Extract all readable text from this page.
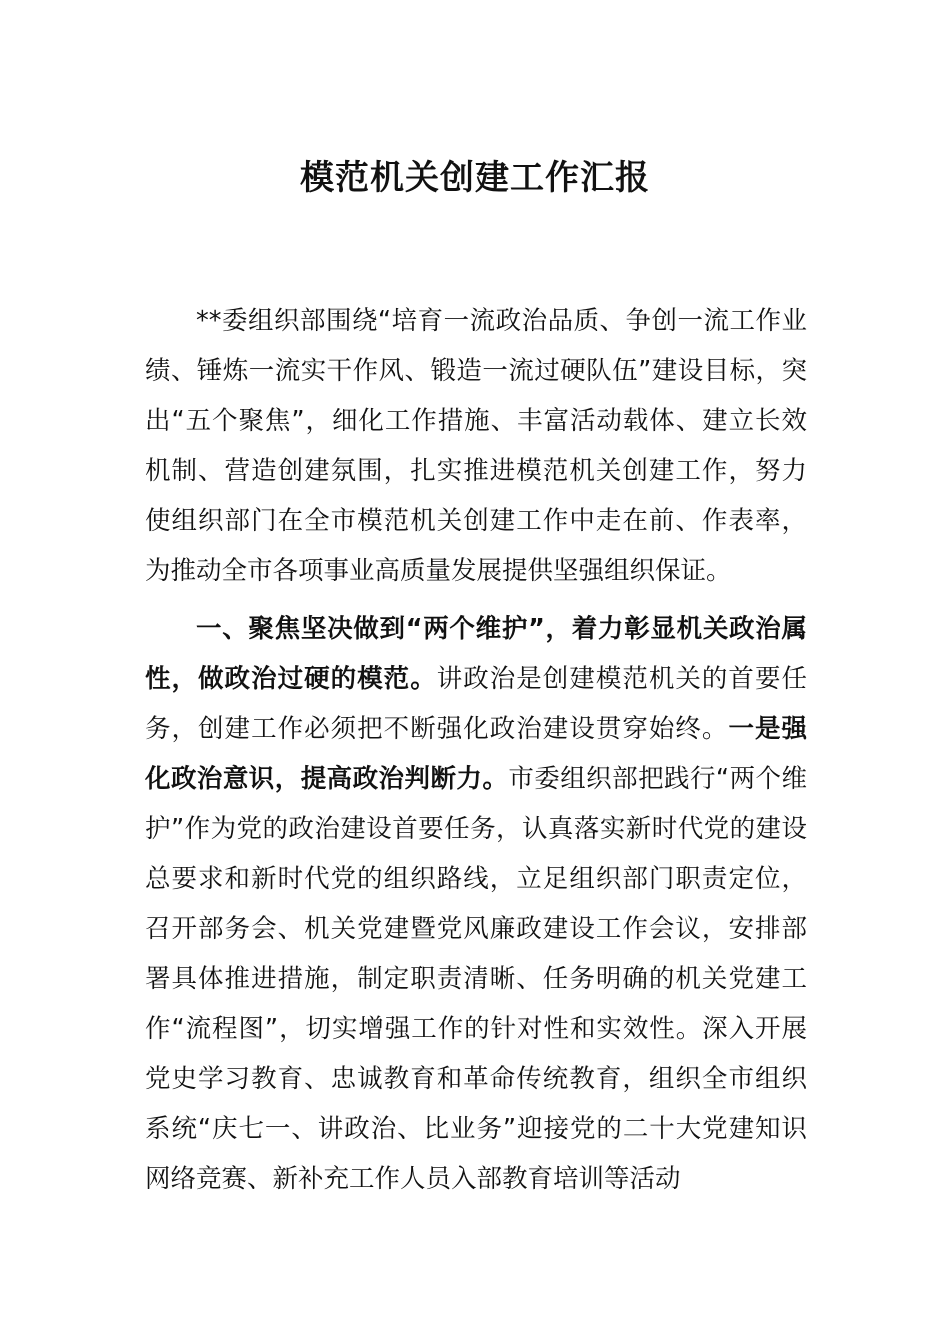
模范机关创建工作汇报

**委组织部围绕“培育一流政治品质、争创一流工作业绩、锤炼一流实干作风、锻造一流过硬队伍”建设目标，突出“五个聚焦”，细化工作措施、丰富活动载体、建立长效机制、营造创建氛围，扎实推进模范机关创建工作，努力使组织部门在全市模范机关创建工作中走在前、作表率，为推动全市各项事业高质量发展提供坚强组织保证。

一、聚焦坚决做到“两个维护”，着力彰显机关政治属性，做政治过硬的模范。讲政治是创建模范机关的首要任务，创建工作必须把不断强化政治建设贯穿始终。一是强化政治意识，提高政治判断力。市委组织部把践行“两个维护”作为党的政治建设首要任务，认真落实新时代党的建设总要求和新时代党的组织路线，立足组织部门职责定位，召开部务会、机关党建暨党风廉政建设工作会议，安排部署具体推进措施，制定职责清晰、任务明确的机关党建工作“流程图”，切实增强工作的针对性和实效性。深入开展党史学习教育、忠诚教育和革命传统教育，组织全市组织系统“庆七一、讲政治、比业务”迎接党的二十大党建知识网络竞赛、新补充工作人员入部教育培训等活动
